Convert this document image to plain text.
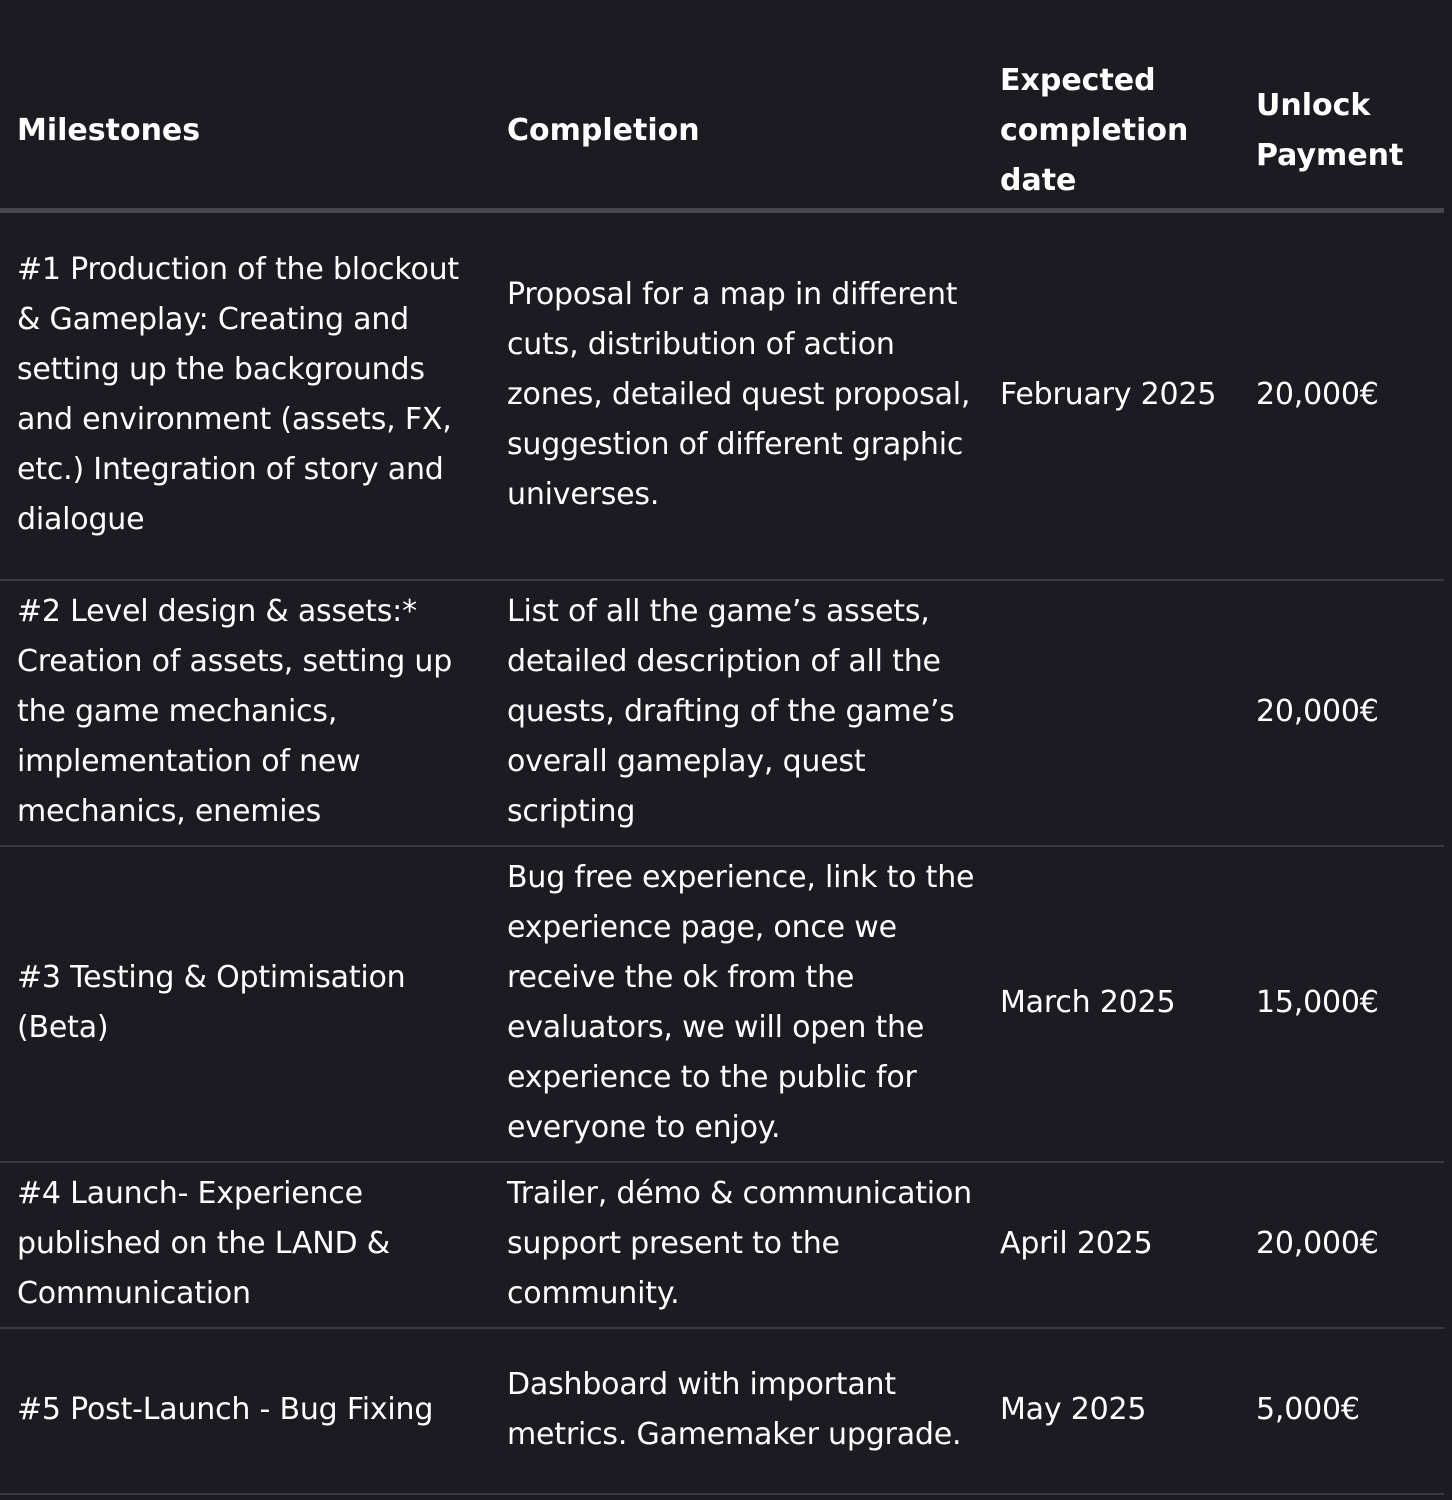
Milestones	Completion	Expected completion date	Unlock Payment
#1 Production of the blockout & Gameplay: Creating and setting up the backgrounds and environment (assets, FX, etc.) Integration of story and dialogue	Proposal for a map in different cuts, distribution of action zones, detailed quest proposal, suggestion of different graphic universes.	February 2025	20,000€
#2 Level design & assets:* Creation of assets, setting up the game mechanics, implementation of new mechanics, enemies	List of all the game’s assets, detailed description of all the quests, drafting of the game’s overall gameplay, quest scripting		20,000€
#3 Testing & Optimisation (Beta)	Bug free experience, link to the experience page, once we receive the ok from the evaluators, we will open the experience to the public for everyone to enjoy.	March 2025	15,000€
#4 Launch- Experience published on the LAND & Communication	Trailer, démo & communication support present to the community.	April 2025	20,000€
#5 Post-Launch - Bug Fixing	Dashboard with important metrics. Gamemaker upgrade.	May 2025	5,000€
